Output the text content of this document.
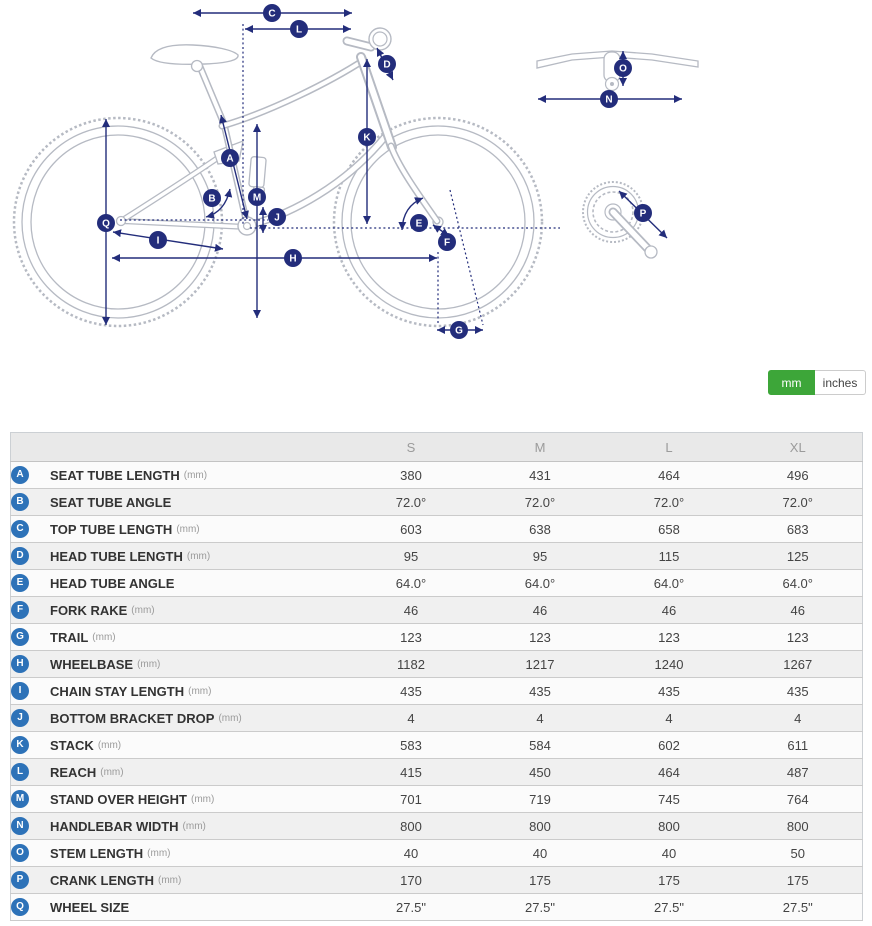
A
B
C
D
E
F
G
H
I
J
K
L
M
N
O
P
Q
mm	inches
	S	M	L	XL
A SEAT TUBE LENGTH (mm)	380	431	464	496
B SEAT TUBE ANGLE	72.0°	72.0°	72.0°	72.0°
C TOP TUBE LENGTH (mm)	603	638	658	683
D HEAD TUBE LENGTH (mm)	95	95	115	125
E HEAD TUBE ANGLE	64.0°	64.0°	64.0°	64.0°
F FORK RAKE (mm)	46	46	46	46
G TRAIL (mm)	123	123	123	123
H WHEELBASE (mm)	1182	1217	1240	1267
I CHAIN STAY LENGTH (mm)	435	435	435	435
J BOTTOM BRACKET DROP (mm)	4	4	4	4
K STACK (mm)	583	584	602	611
L REACH (mm)	415	450	464	487
M STAND OVER HEIGHT (mm)	701	719	745	764
N HANDLEBAR WIDTH (mm)	800	800	800	800
O STEM LENGTH (mm)	40	40	40	50
P CRANK LENGTH (mm)	170	175	175	175
Q WHEEL SIZE	27.5"	27.5"	27.5"	27.5"
